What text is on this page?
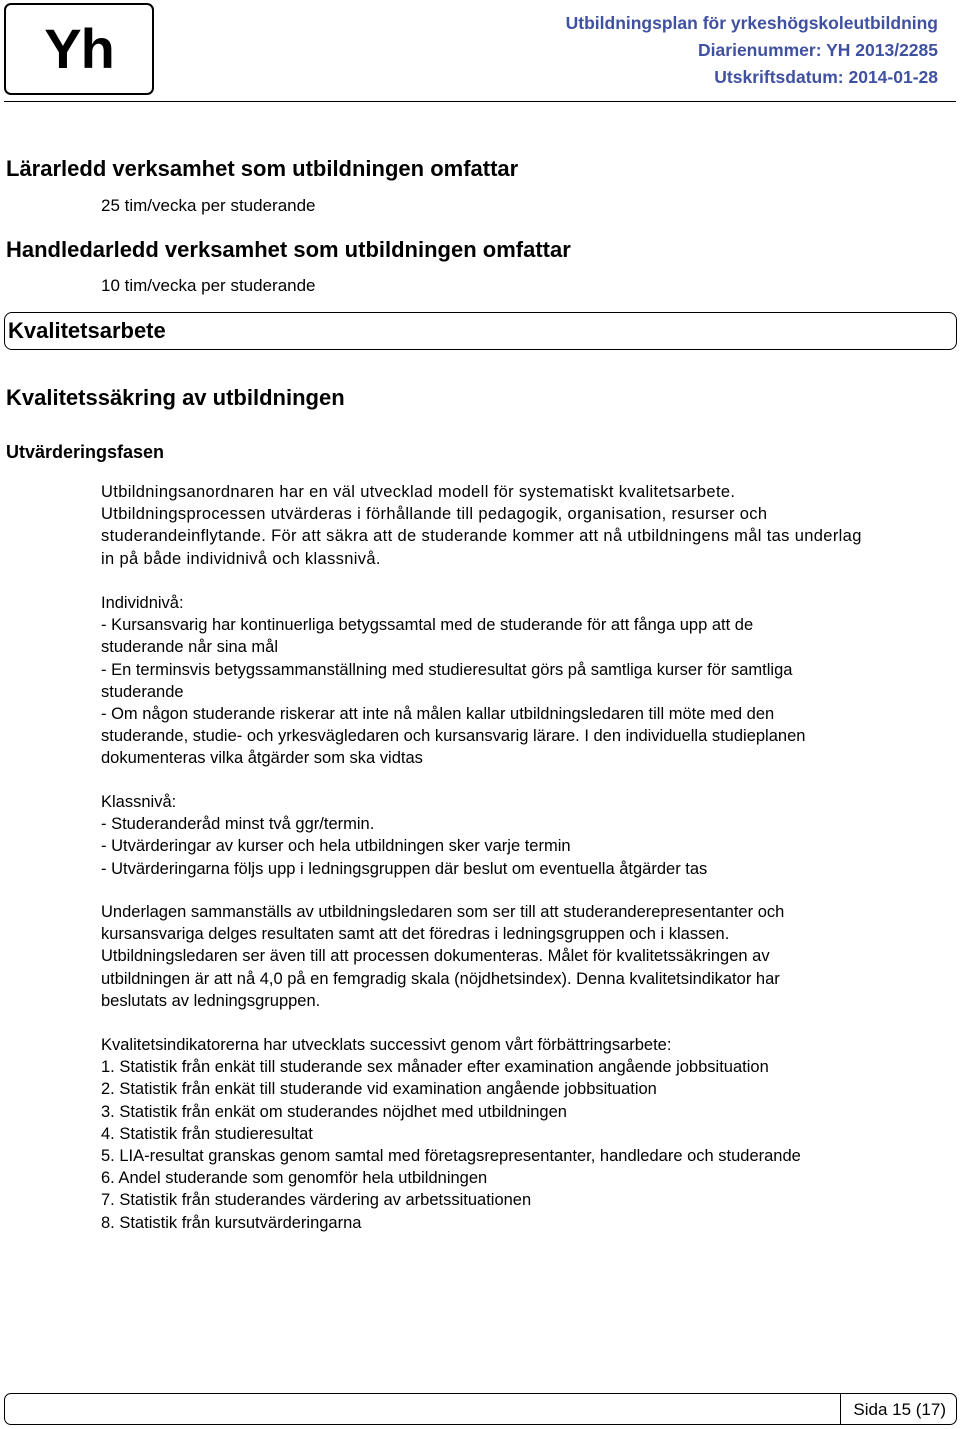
Yh	Utbildningsplan för yrkeshögskoleutbildning
Diarienummer: YH 2013/2285
Utskriftsdatum: 2014-01-28
Lärarledd verksamhet som utbildningen omfattar
25 tim/vecka per studerande
Handledarledd verksamhet som utbildningen omfattar
10 tim/vecka per studerande
Kvalitetsarbete
Kvalitetssäkring av utbildningen
Utvärderingsfasen
Utbildningsanordnaren har en väl utvecklad modell för systematiskt kvalitetsarbete.
Utbildningsprocessen utvärderas i förhållande till pedagogik, organisation, resurser och
studerandeinflytande. För att säkra att de studerande kommer att nå utbildningens mål tas underlag
in på både individnivå och klassnivå.
Individnivå:
- Kursansvarig har kontinuerliga betygssamtal med de studerande för att fånga upp att de
studerande når sina mål
- En terminsvis betygssammanställning med studieresultat görs på samtliga kurser för samtliga
studerande
- Om någon studerande riskerar att inte nå målen kallar utbildningsledaren till möte med den
studerande, studie- och yrkesvägledaren och kursansvarig lärare. I den individuella studieplanen
dokumenteras vilka åtgärder som ska vidtas
Klassnivå:
- Studeranderåd minst två ggr/termin.
- Utvärderingar av kurser och hela utbildningen sker varje termin
- Utvärderingarna följs upp i ledningsgruppen där beslut om eventuella åtgärder tas
Underlagen sammanställs av utbildningsledaren som ser till att studeranderepresentanter och
kursansvariga delges resultaten samt att det föredras i ledningsgruppen och i klassen.
Utbildningsledaren ser även till att processen dokumenteras. Målet för kvalitetssäkringen av
utbildningen är att nå 4,0 på en femgradig skala (nöjdhetsindex). Denna kvalitetsindikator har
beslutats av ledningsgruppen.
Kvalitetsindikatorerna har utvecklats successivt genom vårt förbättringsarbete:
1. Statistik från enkät till studerande sex månader efter examination angående jobbsituation
2. Statistik från enkät till studerande vid examination angående jobbsituation
3. Statistik från enkät om studerandes nöjdhet med utbildningen
4. Statistik från studieresultat
5. LIA-resultat granskas genom samtal med företagsrepresentanter, handledare och studerande
6. Andel studerande som genomför hela utbildningen
7. Statistik från studerandes värdering av arbetssituationen
8. Statistik från kursutvärderingarna
Sida 15 (17)
